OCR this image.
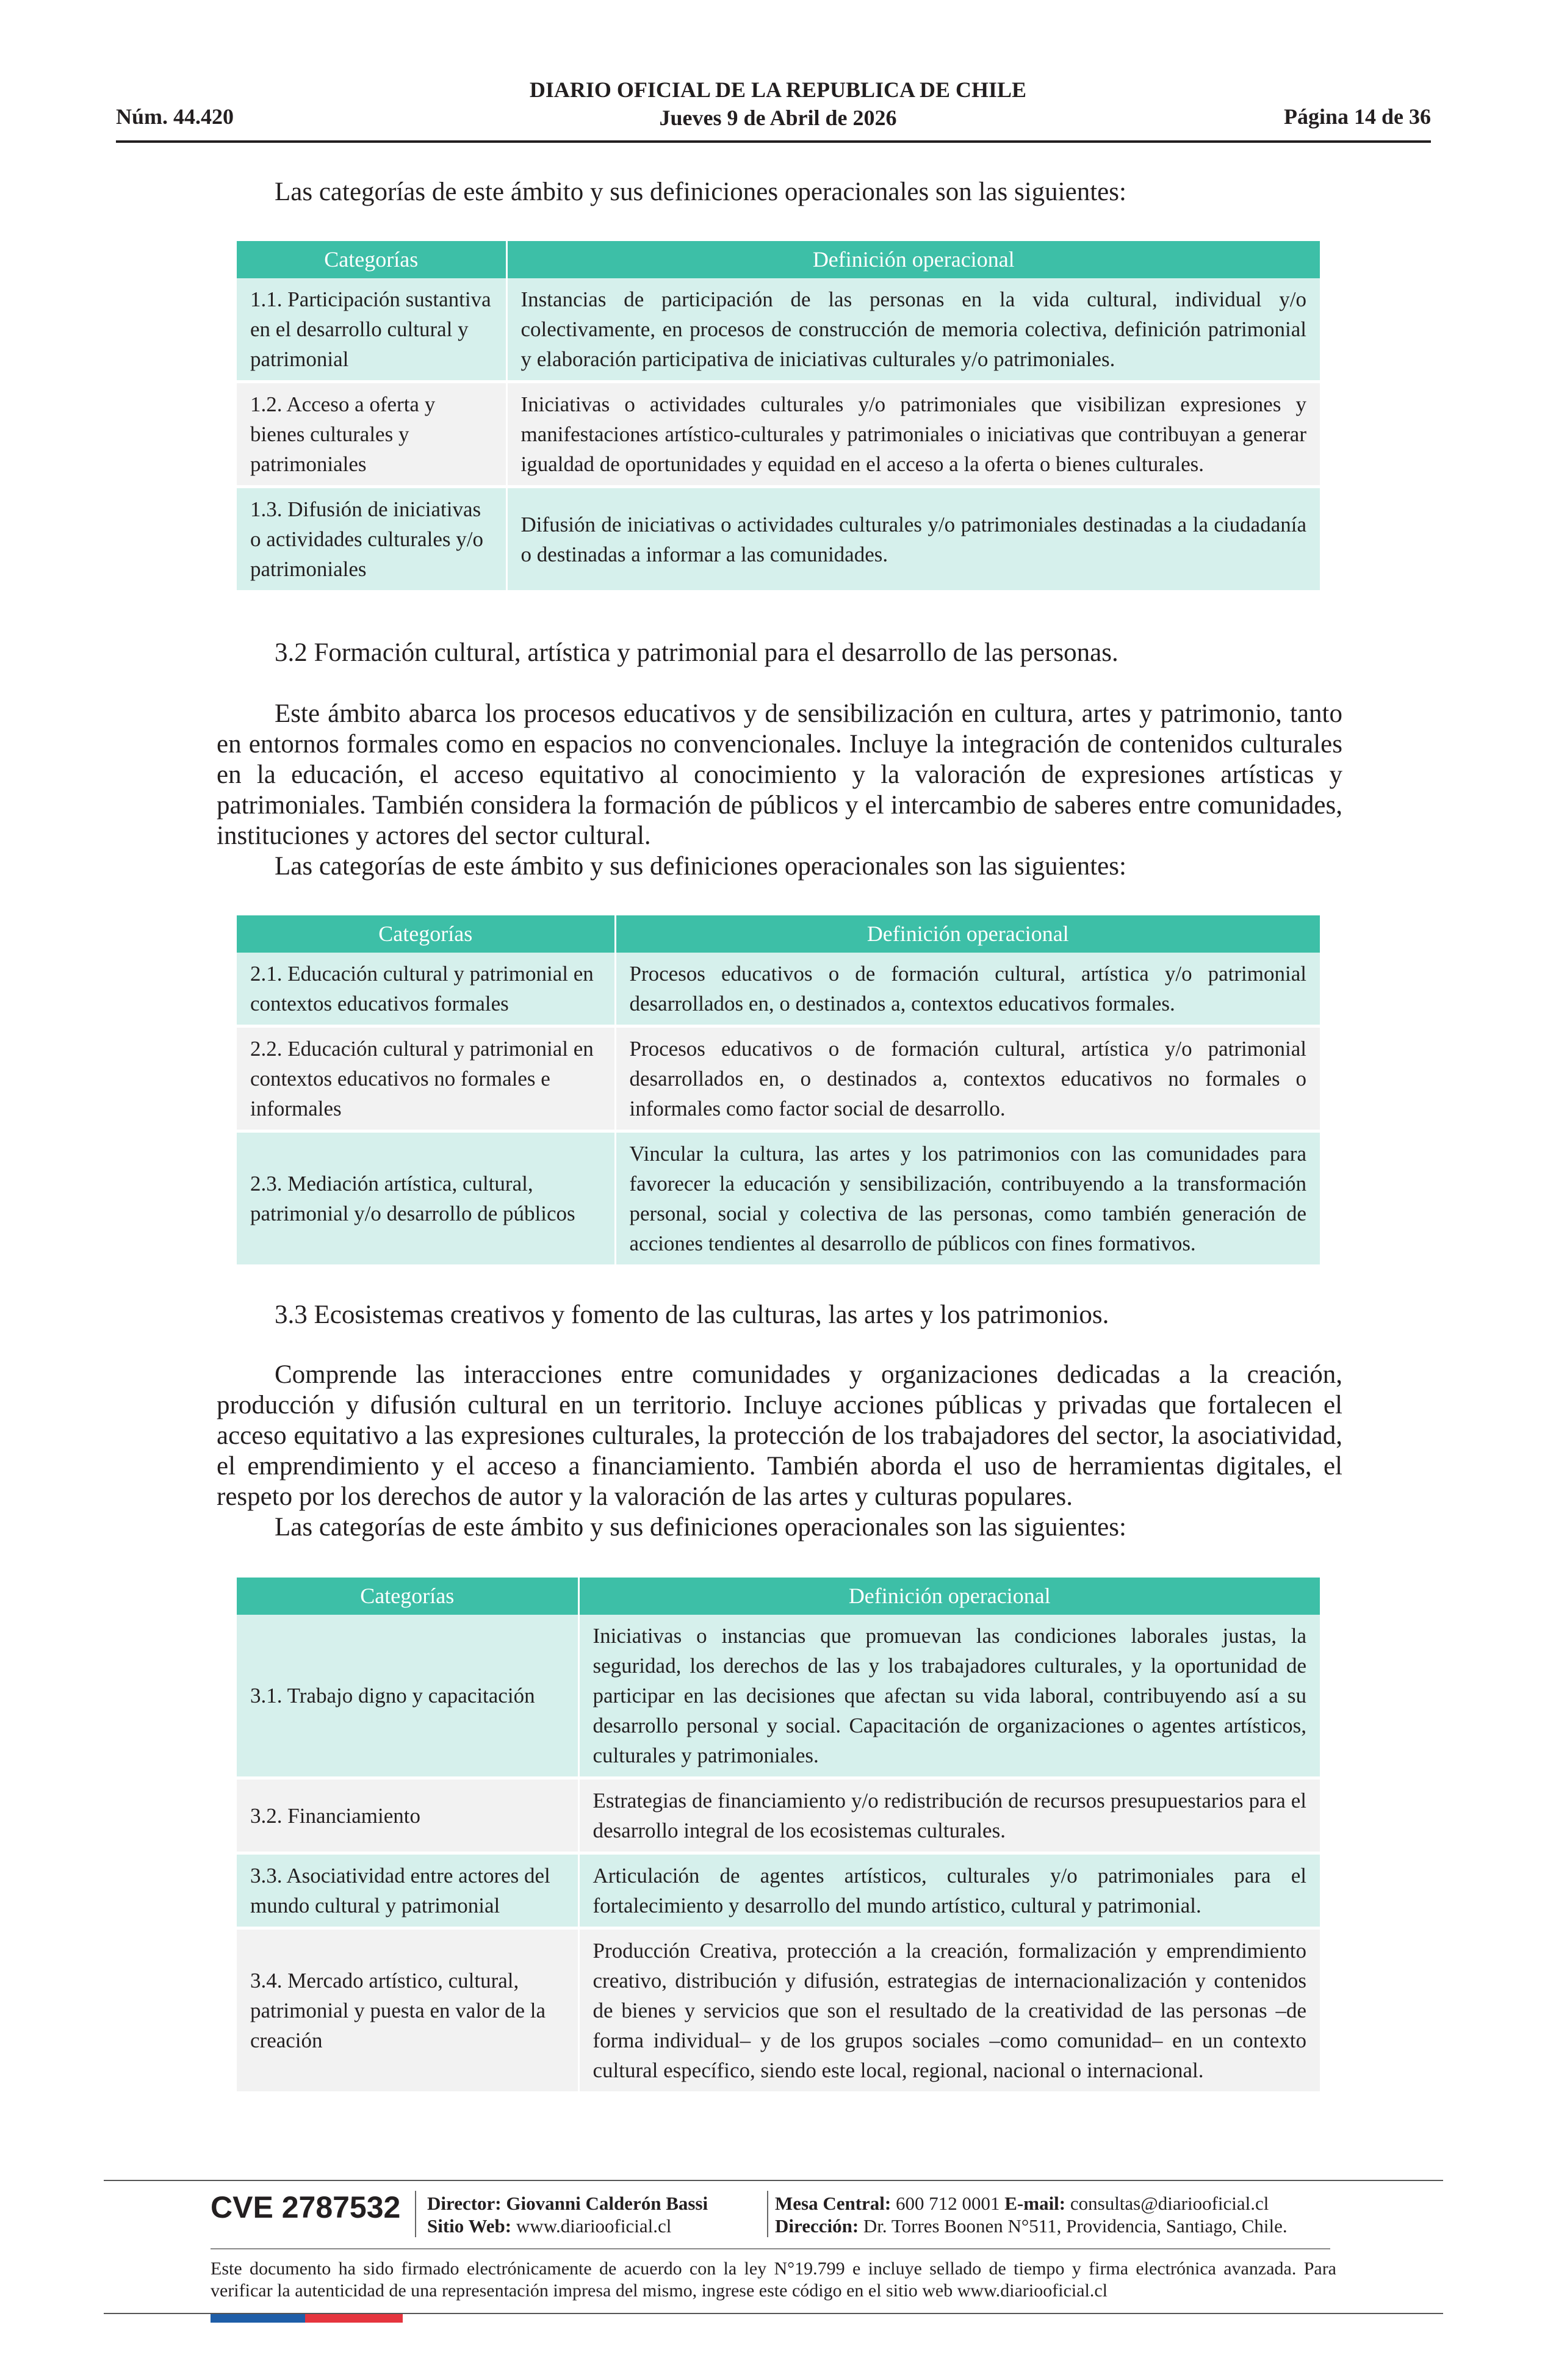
Núm. 44.420
DIARIO OFICIAL DE LA REPUBLICA DE CHILE
Jueves 9 de Abril de 2026	Página 14 de 36
Las categorías de este ámbito y sus definiciones operacionales son las siguientes:
Categorías	Definición operacional
1.1. Participación sustantiva en el desarrollo cultural y patrimonial	Instancias de participación de las personas en la vida cultural, individual y/o colectivamente, en procesos de construcción de memoria colectiva, definición patrimonial y elaboración participativa de iniciativas culturales y/o patrimoniales.
1.2. Acceso a oferta y bienes culturales y patrimoniales	Iniciativas o actividades culturales y/o patrimoniales que visibilizan expresiones y manifestaciones artístico-culturales y patrimoniales o iniciativas que contribuyan a generar igualdad de oportunidades y equidad en el acceso a la oferta o bienes culturales.
1.3. Difusión de iniciativas o actividades culturales y/o patrimoniales	Difusión de iniciativas o actividades culturales y/o patrimoniales destinadas a la ciudadanía o destinadas a informar a las comunidades.
3.2 Formación cultural, artística y patrimonial para el desarrollo de las personas.
Este ámbito abarca los procesos educativos y de sensibilización en cultura, artes y patrimonio, tanto en entornos formales como en espacios no convencionales. Incluye la integración de contenidos culturales en la educación, el acceso equitativo al conocimiento y la valoración de expresiones artísticas y patrimoniales. También considera la formación de públicos y el intercambio de saberes entre comunidades, instituciones y actores del sector cultural.
Las categorías de este ámbito y sus definiciones operacionales son las siguientes:
Categorías	Definición operacional
2.1. Educación cultural y patrimonial en contextos educativos formales	Procesos educativos o de formación cultural, artística y/o patrimonial desarrollados en, o destinados a, contextos educativos formales.
2.2. Educación cultural y patrimonial en contextos educativos no formales e informales	Procesos educativos o de formación cultural, artística y/o patrimonial desarrollados en, o destinados a, contextos educativos no formales o informales como factor social de desarrollo.
2.3. Mediación artística, cultural, patrimonial y/o desarrollo de públicos	Vincular la cultura, las artes y los patrimonios con las comunidades para favorecer la educación y sensibilización, contribuyendo a la transformación personal, social y colectiva de las personas, como también generación de acciones tendientes al desarrollo de públicos con fines formativos.
3.3 Ecosistemas creativos y fomento de las culturas, las artes y los patrimonios.
Comprende las interacciones entre comunidades y organizaciones dedicadas a la creación, producción y difusión cultural en un territorio. Incluye acciones públicas y privadas que fortalecen el acceso equitativo a las expresiones culturales, la protección de los trabajadores del sector, la asociatividad, el emprendimiento y el acceso a financiamiento. También aborda el uso de herramientas digitales, el respeto por los derechos de autor y la valoración de las artes y culturas populares.
Las categorías de este ámbito y sus definiciones operacionales son las siguientes:
Categorías	Definición operacional
3.1. Trabajo digno y capacitación	Iniciativas o instancias que promuevan las condiciones laborales justas, la seguridad, los derechos de las y los trabajadores culturales, y la oportunidad de participar en las decisiones que afectan su vida laboral, contribuyendo así a su desarrollo personal y social. Capacitación de organizaciones o agentes artísticos, culturales y patrimoniales.
3.2. Financiamiento	Estrategias de financiamiento y/o redistribución de recursos presupuestarios para el desarrollo integral de los ecosistemas culturales.
3.3. Asociatividad entre actores del mundo cultural y patrimonial	Articulación de agentes artísticos, culturales y/o patrimoniales para el fortalecimiento y desarrollo del mundo artístico, cultural y patrimonial.
3.4. Mercado artístico, cultural, patrimonial y puesta en valor de la creación	Producción Creativa, protección a la creación, formalización y emprendimiento creativo, distribución y difusión, estrategias de internacionalización y contenidos de bienes y servicios que son el resultado de la creatividad de las personas –de forma individual– y de los grupos sociales –como comunidad– en un contexto cultural específico, siendo este local, regional, nacional o internacional.
CVE 2787532 Director: Giovanni Calderón Bassi
Sitio Web: www.diariooficial.cl
Mesa Central: 600 712 0001 E-mail: consultas@diariooficial.cl
Dirección: Dr. Torres Boonen N°511, Providencia, Santiago, Chile.
Este documento ha sido firmado electrónicamente de acuerdo con la ley N°19.799 e incluye sellado de tiempo y firma electrónica avanzada. Para verificar la autenticidad de una representación impresa del mismo, ingrese este código en el sitio web www.diariooficial.cl
